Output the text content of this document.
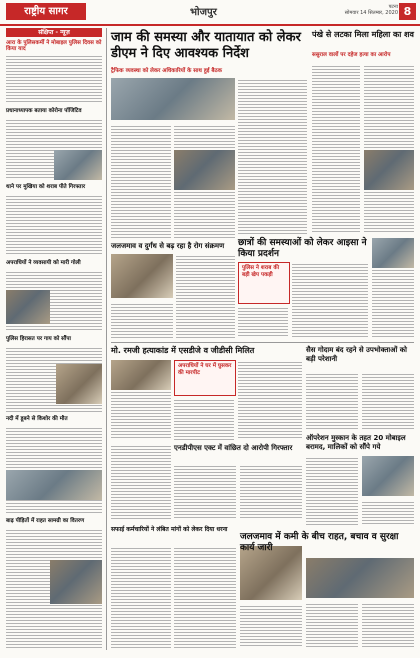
राष्ट्रीय सागर	भोजपुर	पटना
सोमवार 14 सितम्बर, 2020 8
संक्षिप्त - न्यूज़
आरा के पुलिसकर्मी ने मोबाइल पुलिस दिवस को किया याद
प्रधानाध्यापक बताया कोरोना पॉजिटिव
थाने पर मुखिया को शराब पीते गिरफ्तार
अपराधियों ने व्यवसायी को मारी गोली
पुलिस हिरासत पर गाय को सौंपा
नदी में डूबने से किशोर की मौत
बाढ़ पीड़ितों में राहत सामग्री का वितरण
जाम की समस्या और यातायात को लेकर डीएम ने दिए आवश्यक निर्देश
ट्रैफिक व्यवस्था को लेकर अधिकारियों के साथ हुई बैठक
जलजमाव व दुर्गंध से बढ़ रहा है रोग संक्रमण	छात्रों की समस्याओं को लेकर आइसा ने किया प्रदर्शन
पुलिस ने शराब की बड़ी खेप पकड़ी
पंखे से लटका मिला महिला का शव
ससुराल वालों पर दहेज हत्या का आरोप
मो. रमजी हत्याकांड में एसडीजे व जीडीसी मिलित	सैस गोदाम बंद रहने से उपभोक्ताओं को बड़ी परेशानी
अपराधियों ने घर में घुसकर की मारपीट
एनडीपीएस एक्ट में वांछित दो आरोपी गिरफ्तार
ऑपरेशन मुस्कान के तहत 20 मोबाइल बरामद, मालिकों को सौंपे गये
सफाई कर्मचारियों ने लंबित मांगों को लेकर दिया धरना
जलजमाव में कमी के बीच राहत, बचाव व सुरक्षा कार्य जारी
